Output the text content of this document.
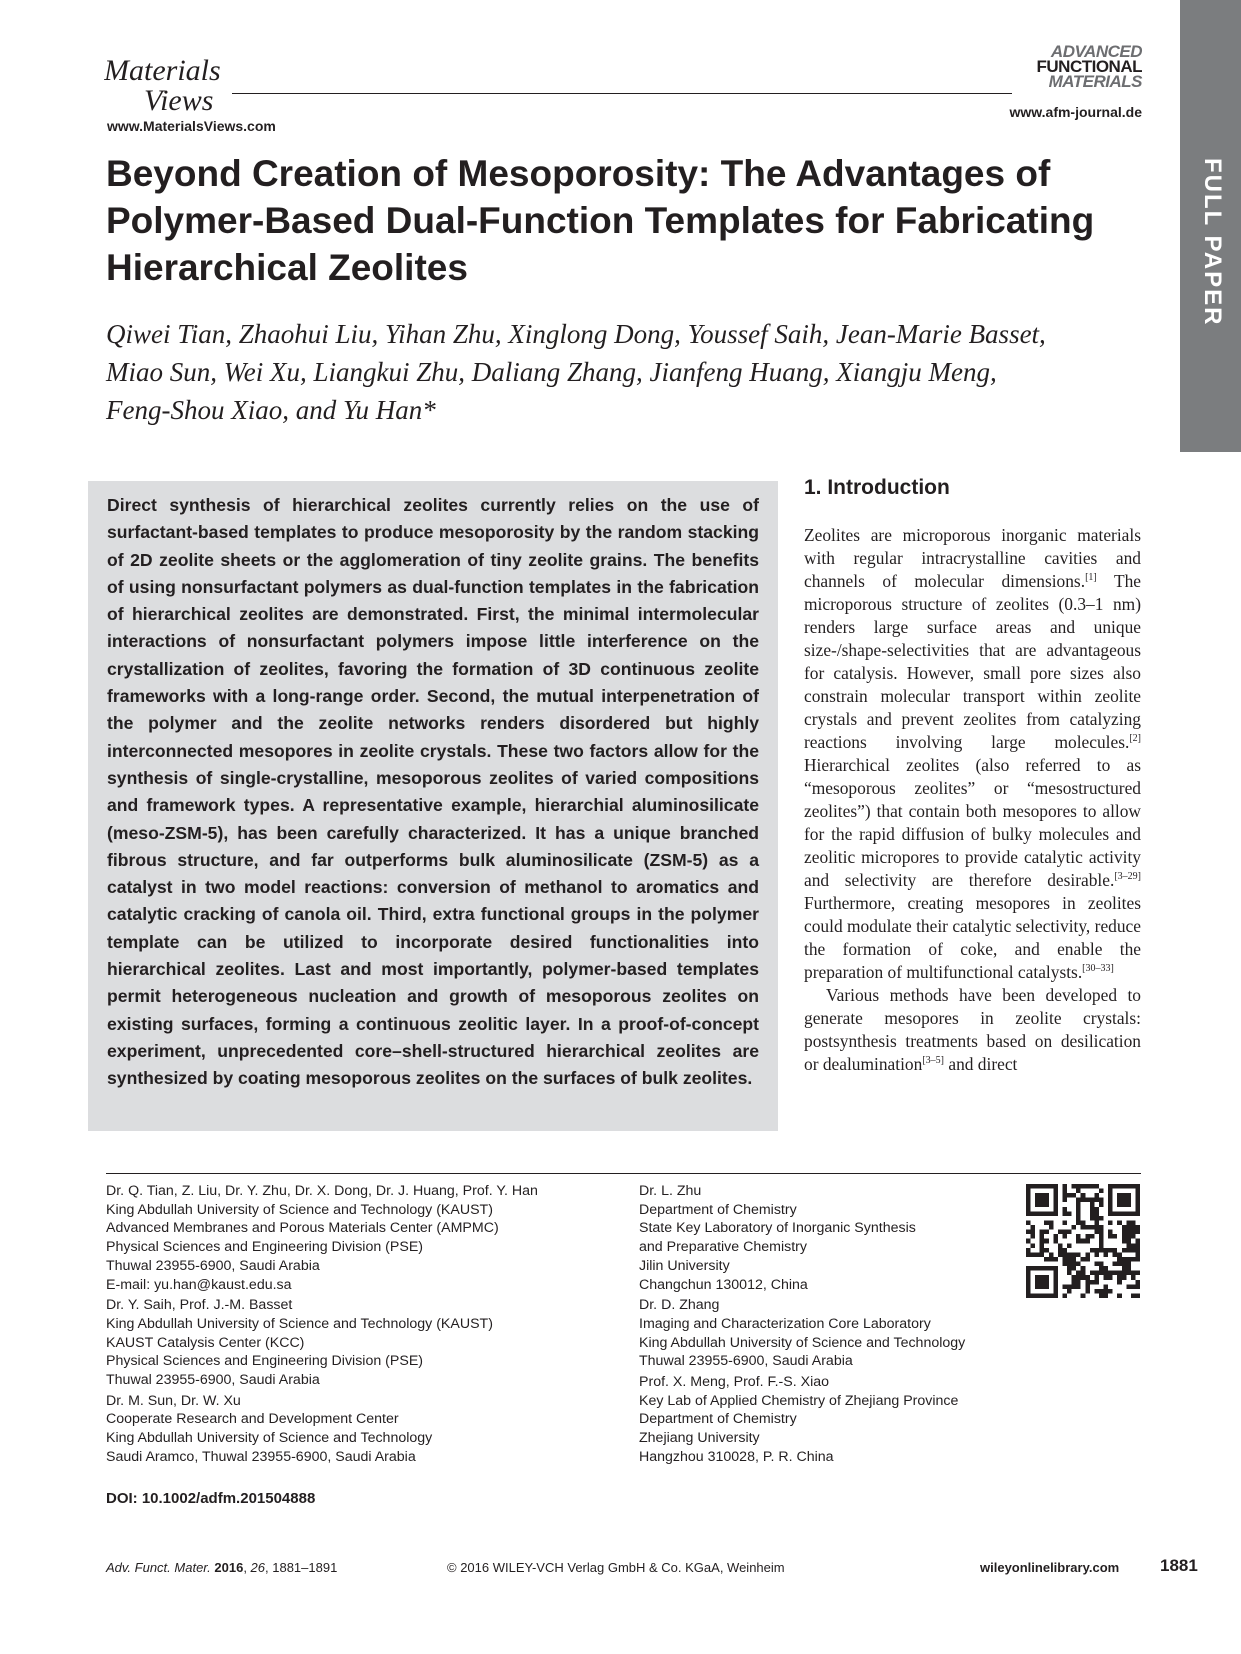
Materials
Views
www.MaterialsViews.com
ADVANCED
FUNCTIONAL
MATERIALS
www.afm-journal.de
FULL PAPER
Beyond Creation of Mesoporosity: The Advantages of
Polymer-Based Dual-Function Templates for Fabricating
Hierarchical Zeolites
Qiwei Tian, Zhaohui Liu, Yihan Zhu, Xinglong Dong, Youssef Saih, Jean-Marie Basset,
Miao Sun, Wei Xu, Liangkui Zhu, Daliang Zhang, Jianfeng Huang, Xiangju Meng,
Feng-Shou Xiao, and Yu Han*
Direct synthesis of hierarchical zeolites currently relies on the use of surfactant-based templates to produce mesoporosity by the random stacking of 2D zeolite sheets or the agglomeration of tiny zeolite grains. The benefits of using nonsurfactant polymers as dual-function templates in the fabrication of hierarchical zeolites are demonstrated. First, the minimal intermolecular interactions of nonsurfactant polymers impose little interference on the crystallization of zeolites, favoring the formation of 3D continuous zeolite frameworks with a long-range order. Second, the mutual interpenetration of the polymer and the zeolite networks renders disordered but highly interconnected mesopores in zeolite crystals. These two factors allow for the synthesis of single-crystalline, mesoporous zeolites of varied compositions and framework types. A representative example, hierarchial aluminosilicate (meso-ZSM-5), has been carefully characterized. It has a unique branched fibrous structure, and far outperforms bulk aluminosilicate (ZSM-5) as a catalyst in two model reactions: conversion of methanol to aromatics and catalytic cracking of canola oil. Third, extra functional groups in the polymer template can be utilized to incorporate desired functionalities into hierarchical zeolites. Last and most importantly, polymer-based templates permit heterogeneous nucleation and growth of mesoporous zeolites on existing surfaces, forming a continuous zeolitic layer. In a proof-of-concept experiment, unprecedented core–shell-structured hierarchical zeolites are synthesized by coating mesoporous zeolites on the surfaces of bulk zeolites.
1. Introduction

Zeolites are microporous inorganic materials with regular intracrystalline cavities and channels of molecular dimensions.[1] The microporous structure of zeolites (0.3–1 nm) renders large surface areas and unique size-/shape-selectivities that are advantageous for catalysis. However, small pore sizes also constrain molecular transport within zeolite crystals and prevent zeolites from catalyzing reactions involving large molecules.[2] Hierarchical zeolites (also referred to as “mesoporous zeolites” or “mesostructured zeolites”) that contain both mesopores to allow for the rapid diffusion of bulky molecules and zeolitic micropores to provide catalytic activity and selectivity are therefore desirable.[3–29] Furthermore, creating mesopores in zeolites could modulate their catalytic selectivity, reduce the formation of coke, and enable the preparation of multifunctional catalysts.[30–33]

Various methods have been developed to generate mesopores in zeolite crystals: postsynthesis treatments based on desilication or dealumination[3–5] and direct

Dr. Q. Tian, Z. Liu, Dr. Y. Zhu, Dr. X. Dong, Dr. J. Huang, Prof. Y. Han
King Abdullah University of Science and Technology (KAUST)
Advanced Membranes and Porous Materials Center (AMPMC)
Physical Sciences and Engineering Division (PSE)
Thuwal 23955-6900, Saudi Arabia
E-mail: yu.han@kaust.edu.sa
Dr. Y. Saih, Prof. J.-M. Basset
King Abdullah University of Science and Technology (KAUST)
KAUST Catalysis Center (KCC)
Physical Sciences and Engineering Division (PSE)
Thuwal 23955-6900, Saudi Arabia
Dr. M. Sun, Dr. W. Xu
Cooperate Research and Development Center
King Abdullah University of Science and Technology
Saudi Aramco, Thuwal 23955-6900, Saudi Arabia
Dr. L. Zhu
Department of Chemistry
State Key Laboratory of Inorganic Synthesis
and Preparative Chemistry
Jilin University
Changchun 130012, China
Dr. D. Zhang
Imaging and Characterization Core Laboratory
King Abdullah University of Science and Technology
Thuwal 23955-6900, Saudi Arabia
Prof. X. Meng, Prof. F.-S. Xiao
Key Lab of Applied Chemistry of Zhejiang Province
Department of Chemistry
Zhejiang University
Hangzhou 310028, P. R. China
DOI: 10.1002/adfm.201504888
Adv. Funct. Mater. 2016, 26, 1881–1891	© 2016 WILEY-VCH Verlag GmbH & Co. KGaA, Weinheim	wileyonlinelibrary.com 1881
